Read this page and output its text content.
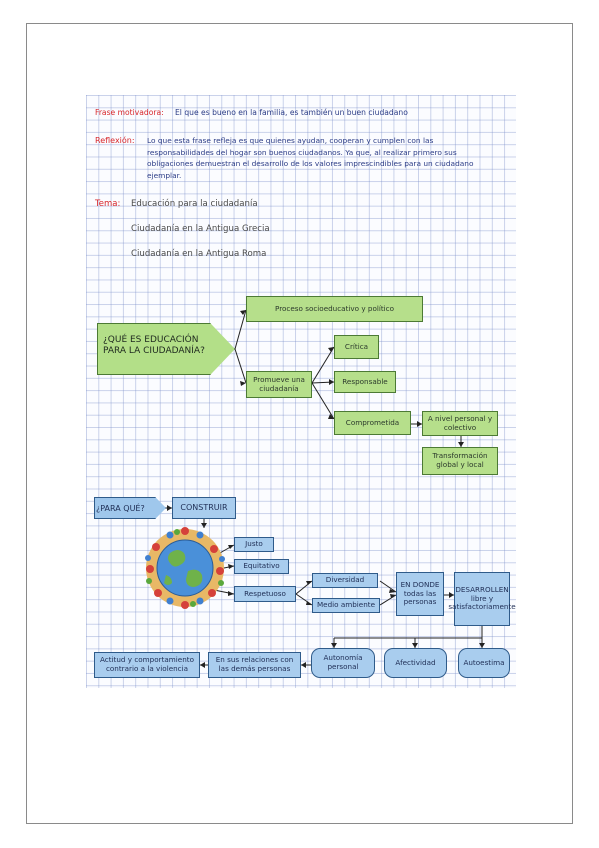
Frase motivadora: El que es bueno en la familia, es también un buen ciudadano
Reflexión: Lo que esta frase refleja es que quienes ayudan, cooperan y cumplen con las responsabilidades del hogar son buenos ciudadanos. Ya que, al realizar primero sus obligaciones demuestran el desarrollo de los valores imprescindibles para un ciudadano ejemplar.
Tema: Educación para la ciudadanía
Ciudadanía en la Antigua Grecia
Ciudadanía en la Antigua Roma
¿QUÉ ES EDUCACIÓN PARA LA CIUDADANÍA?
Proceso socioeducativo y político
Promueve una ciudadanía
Crítica
Responsable
Comprometida	A nivel personal y colectivo
Transformación global y local
¿PARA QUÉ?	CONSTRUIR
Justo
Equitativo
Respetuoso
Diversidad
Medio ambiente
EN DONDE todas las personas
DESARROLLEN libre y satisfactoriamente
Actitud y comportamiento contrario a la violencia
En sus relaciones con las demás personas
Autonomía personal	Afectividad	Autoestima
